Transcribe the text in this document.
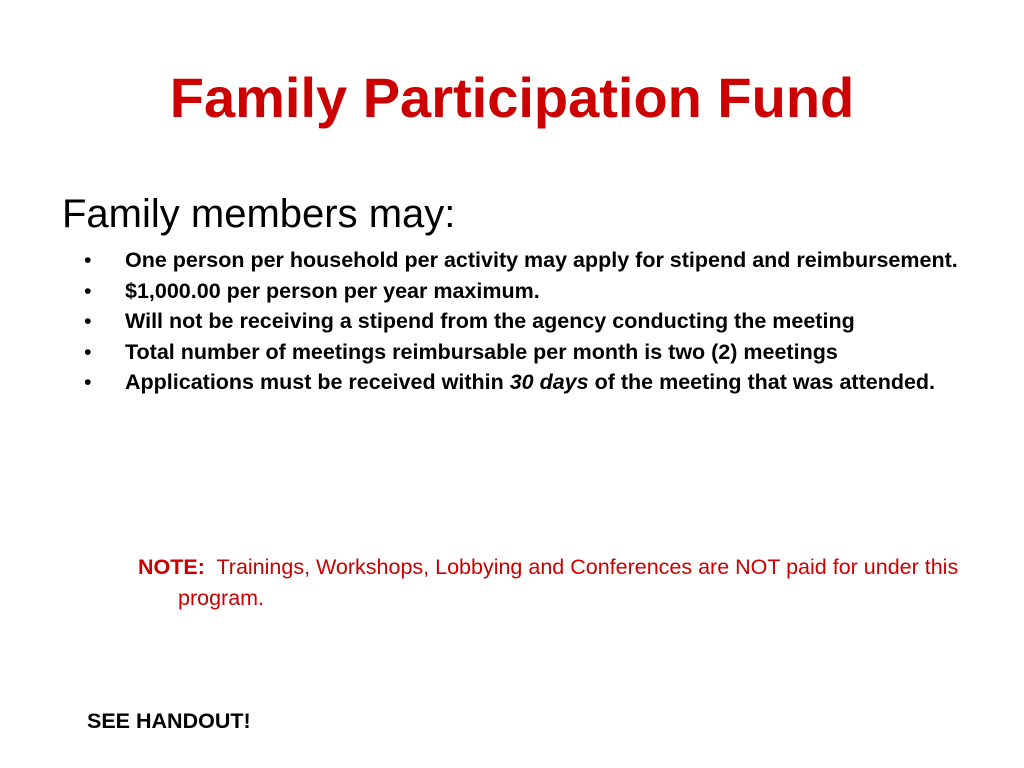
Family Participation Fund
Family members may:
• One person per household per activity may apply for stipend and reimbursement.
• $1,000.00 per person per year maximum.
• Will not be receiving a stipend from the agency conducting the meeting
• Total number of meetings reimbursable per month is two (2) meetings
• Applications must be received within 30 days of the meeting that was attended.
NOTE: Trainings, Workshops, Lobbying and Conferences are NOT paid for under this program.
SEE HANDOUT!
